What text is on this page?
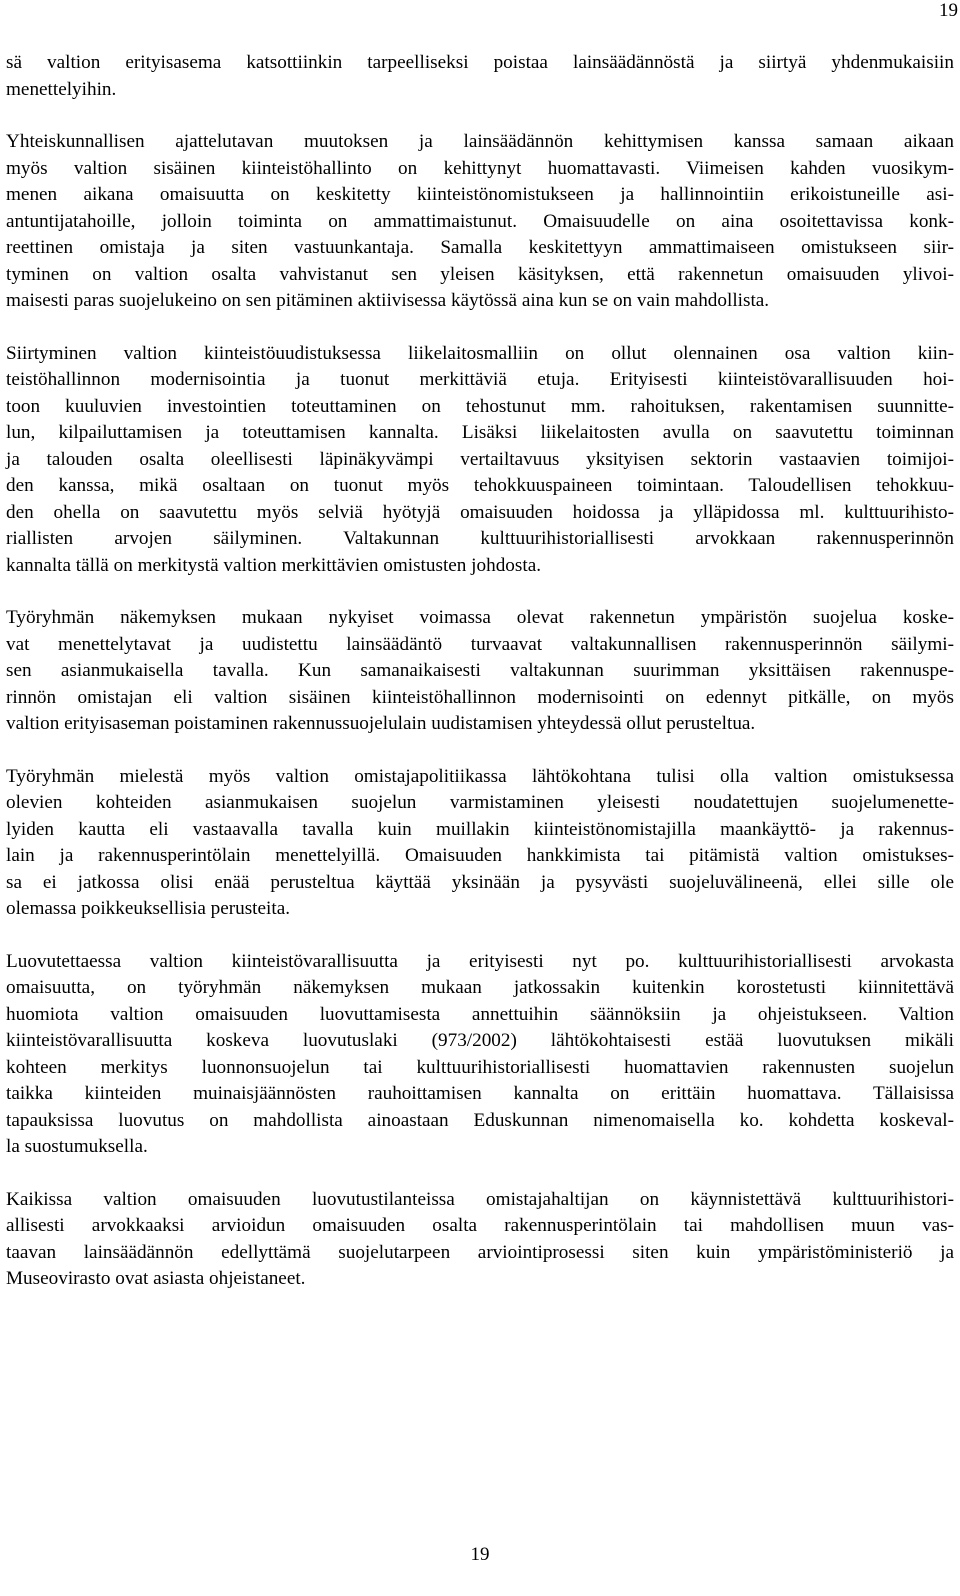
19

sä valtion erityisasema katsottiinkin tarpeelliseksi poistaa lainsäädännöstä ja siirtyä yhdenmukaisiin
menettelyihin.

Yhteiskunnallisen ajattelutavan muutoksen ja lainsäädännön kehittymisen kanssa samaan aikaan
myös valtion sisäinen kiinteistöhallinto on kehittynyt huomattavasti. Viimeisen kahden vuosikym-
menen aikana omaisuutta on keskitetty kiinteistönomistukseen ja hallinnointiin erikoistuneille asi-
antuntijatahoille, jolloin toiminta on ammattimaistunut. Omaisuudelle on aina osoitettavissa konk-
reettinen omistaja ja siten vastuunkantaja. Samalla keskitettyyn ammattimaiseen omistukseen siir-
tyminen on valtion osalta vahvistanut sen yleisen käsityksen, että rakennetun omaisuuden ylivoi-
maisesti paras suojelukeino on sen pitäminen aktiivisessa käytössä aina kun se on vain mahdollista.

Siirtyminen valtion kiinteistöuudistuksessa liikelaitosmalliin on ollut olennainen osa valtion kiin-
teistöhallinnon modernisointia ja tuonut merkittäviä etuja. Erityisesti kiinteistövarallisuuden hoi-
toon kuuluvien investointien toteuttaminen on tehostunut mm. rahoituksen, rakentamisen suunnitte-
lun, kilpailuttamisen ja toteuttamisen kannalta. Lisäksi liikelaitosten avulla on saavutettu toiminnan
ja talouden osalta oleellisesti läpinäkyvämpi vertailtavuus yksityisen sektorin vastaavien toimijoi-
den kanssa, mikä osaltaan on tuonut myös tehokkuuspaineen toimintaan. Taloudellisen tehokkuu-
den ohella on saavutettu myös selviä hyötyjä omaisuuden hoidossa ja ylläpidossa ml. kulttuurihisto-
riallisten arvojen säilyminen. Valtakunnan kulttuurihistoriallisesti arvokkaan rakennusperinnön
kannalta tällä on merkitystä valtion merkittävien omistusten johdosta.

Työryhmän näkemyksen mukaan nykyiset voimassa olevat rakennetun ympäristön suojelua koske-
vat menettelytavat ja uudistettu lainsäädäntö turvaavat valtakunnallisen rakennusperinnön säilymi-
sen asianmukaisella tavalla. Kun samanaikaisesti valtakunnan suurimman yksittäisen rakennuspe-
rinnön omistajan eli valtion sisäinen kiinteistöhallinnon modernisointi on edennyt pitkälle, on myös
valtion erityisaseman poistaminen rakennussuojelulain uudistamisen yhteydessä ollut perusteltua.

Työryhmän mielestä myös valtion omistajapolitiikassa lähtökohtana tulisi olla valtion omistuksessa
olevien kohteiden asianmukaisen suojelun varmistaminen yleisesti noudatettujen suojelumenette-
lyiden kautta eli vastaavalla tavalla kuin muillakin kiinteistönomistajilla maankäyttö- ja rakennus-
lain ja rakennusperintölain menettelyillä. Omaisuuden hankkimista tai pitämistä valtion omistukses-
sa ei jatkossa olisi enää perusteltua käyttää yksinään ja pysyvästi suojeluvälineenä, ellei sille ole
olemassa poikkeuksellisia perusteita.

Luovutettaessa valtion kiinteistövarallisuutta ja erityisesti nyt po. kulttuurihistoriallisesti arvokasta
omaisuutta, on työryhmän näkemyksen mukaan jatkossakin kuitenkin korostetusti kiinnitettävä
huomiota valtion omaisuuden luovuttamisesta annettuihin säännöksiin ja ohjeistukseen. Valtion
kiinteistövarallisuutta koskeva luovutuslaki (973/2002) lähtökohtaisesti estää luovutuksen mikäli
kohteen merkitys luonnonsuojelun tai kulttuurihistoriallisesti huomattavien rakennusten suojelun
taikka kiinteiden muinaisjäännösten rauhoittamisen kannalta on erittäin huomattava. Tällaisissa
tapauksissa luovutus on mahdollista ainoastaan Eduskunnan nimenomaisella ko. kohdetta koskeval-
la suostumuksella.

Kaikissa valtion omaisuuden luovutustilanteissa omistajahaltijan on käynnistettävä kulttuurihistori-
allisesti arvokkaaksi arvioidun omaisuuden osalta rakennusperintölain tai mahdollisen muun vas-
taavan lainsäädännön edellyttämä suojelutarpeen arviointiprosessi siten kuin ympäristöministeriö ja
Museovirasto ovat asiasta ohjeistaneet.

19
